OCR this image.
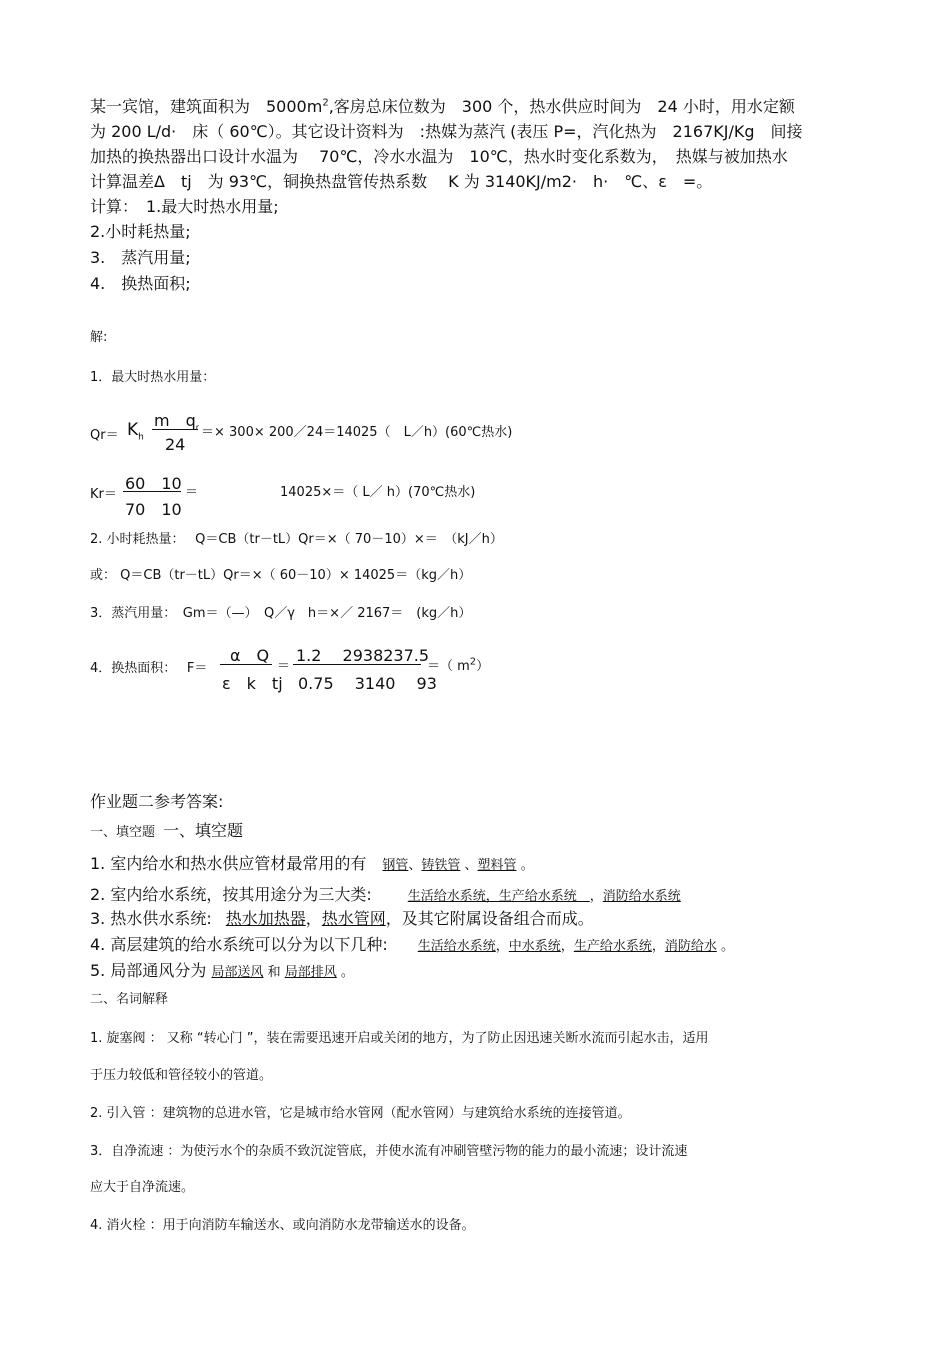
某一宾馆，建筑面积为　$5000m^2$,客房总床位数为　300 个，热水供应时间为　24 小时，用水定额
为 200 L/d·　床（ 60℃）。其它设计资料为　:热媒为蒸汽 (表压 P=，汽化热为　2167KJ/Kg　间接
加热的换热器出口设计水温为　 70℃，冷水水温为　10℃，热水时变化系数为，　热媒与被加热水
计算温差Δ　tj　为 93℃，铜换热盘管传热系数　 K 为 3140KJ/m2·　h·　℃、ε　=。
计算：　1.最大时热水用量;
2.小时耗热量;
3.　蒸汽用量;
4.　换热面积;
解:
1．最大时热水用量：
$Qr= K_h$
m　$q_r$
24
＝× 300× 200／24＝14025（　L／h）(60℃热水)
Kr＝
60　10
70　10
＝	14025×＝（ L／ h）(70℃热水)
2. 小时耗热量：　 Q＝CB（tr－tL）Qr＝×（ 70－10）×＝　（kJ／h）
或： Q＝CB（tr－tL）Qr＝×（ 60－10）× 14025＝（kg／h）
3．蒸汽用量：　Gm＝（—）　Q／γ　h＝×／ 2167＝　(kg／h）
4．换热面积：　 F＝
α　Q
ε　k　tj
＝
1.2　 2938237.5
0.75　 3140　 93
＝（ $m^2$）
作业题二参考答案:
一、填空题 一、填空题
1. 室内给水和热水供应管材最常用的有　钢管、铸铁管 、塑料管 。
2. 室内给水系统，按其用途分为三大类:	生活给水系统，生产给水系统　，消防给水系统
3. 热水供水系统: 热水加热器，热水管网，及其它附属设备组合而成。
4. 高层建筑的给水系统可以分为以下几种: 生活给水系统，中水系统，生产给水系统，消防给水 。
5. 局部通风分为 局部送风 和 局部排风 。
二、名词解释
1. 旋塞阀 ： 又称 “转心门 ”，装在需要迅速开启或关闭的地方，为了防止因迅速关断水流而引起水击，适用
于压力较低和管径较小的管道。
2. 引入管 ：建筑物的总进水管，它是城市给水管网（配水管网）与建筑给水系统的连接管道。
3．自净流速 ：为使污水个的杂质不致沉淀管底，并使水流有冲刷管壁污物的能力的最小流速；设计流速
应大于自净流速。
4. 消火栓 ：用于向消防车输送水、或向消防水龙带输送水的设备。
